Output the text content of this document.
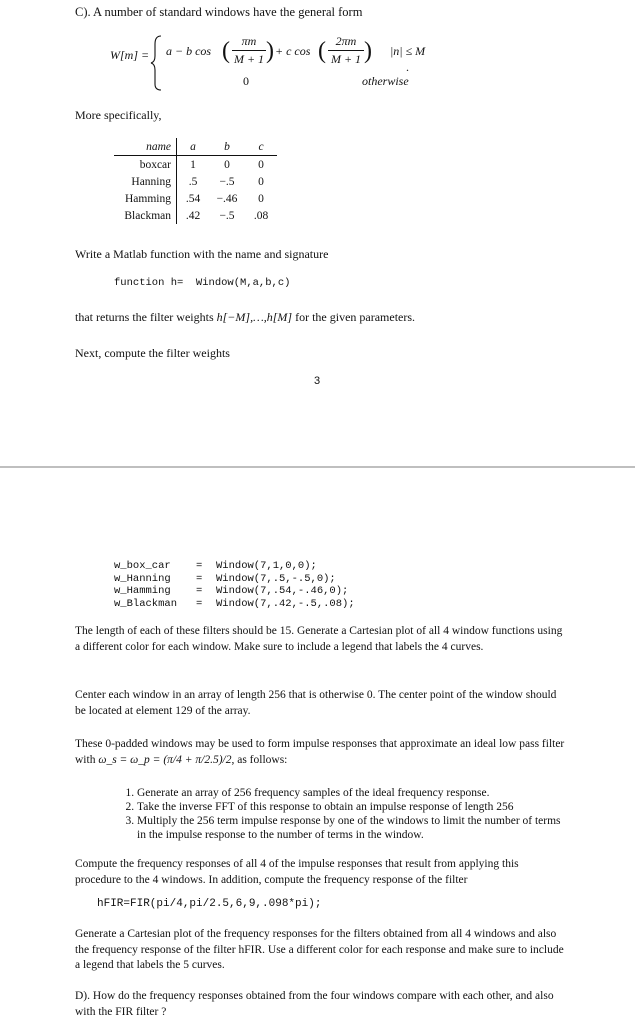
C). A number of standard windows have the general form
W[m] = a − b cos ( πm
M + 1 ) + c cos ( 2πm
M + 1 ) |n| ≤ M
0	otherwise
.
More specifically,
name	a	b	c
boxcar	1	0	0
Hanning	.5	−.5	0
Hamming	.54	−.46	0
Blackman	.42	−.5	.08
Write a Matlab function with the name and signature
function h= Window(M,a,b,c)
that returns the filter weights h[−M],…,h[M] for the given parameters.
Next, compute the filter weights
3
w_box_car = Window(7,1,0,0);
w_Hanning = Window(7,.5,-.5,0);
w_Hamming = Window(7,.54,-.46,0);
w_Blackman = Window(7,.42,-.5,.08);
The length of each of these filters should be 15. Generate a Cartesian plot of all 4 window functions using a different color for each window. Make sure to include a legend that labels the 4 curves.
Center each window in an array of length 256 that is otherwise 0. The center point of the window should be located at element 129 of the array.
These 0-padded windows may be used to form impulse responses that approximate an ideal low pass filter with ω_s = ω_p = (π/4 + π/2.5)/2, as follows:
1. Generate an array of 256 frequency samples of the ideal frequency response.
2. Take the inverse FFT of this response to obtain an impulse response of length 256
3. Multiply the 256 term impulse response by one of the windows to limit the number of terms in the impulse response to the number of terms in the window.
Compute the frequency responses of all 4 of the impulse responses that result from applying this procedure to the 4 windows. In addition, compute the frequency response of the filter
hFIR=FIR(pi/4,pi/2.5,6,9,.098*pi);
Generate a Cartesian plot of the frequency responses for the filters obtained from all 4 windows and also the frequency response of the filter hFIR. Use a different color for each response and make sure to include a legend that labels the 5 curves.
D). How do the frequency responses obtained from the four windows compare with each other, and also with the FIR filter ?
